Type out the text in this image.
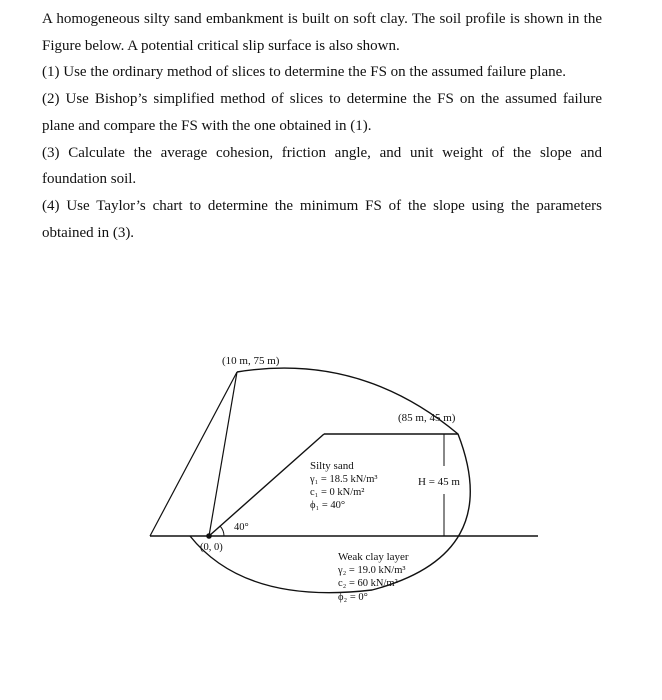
A homogeneous silty sand embankment is built on soft clay. The soil profile is shown in the Figure below. A potential critical slip surface is also shown.

(1) Use the ordinary method of slices to determine the FS on the assumed failure plane.

(2) Use Bishop’s simplified method of slices to determine the FS on the assumed failure plane and compare the FS with the one obtained in (1).

(3) Calculate the average cohesion, friction angle, and unit weight of the slope and foundation soil.

(4) Use Taylor’s chart to determine the minimum FS of the slope using the parameters obtained in (3).

(10 m, 75 m)
(85 m, 45 m)
(0, 0)
40°
H = 45 m
Silty sand
γ₁ = 18.5 kN/m³
c₁ = 0 kN/m²
ϕ₁ = 40°
Weak clay layer
γ₂ = 19.0 kN/m³
c₂ = 60 kN/m²
ϕ₂ = 0°
